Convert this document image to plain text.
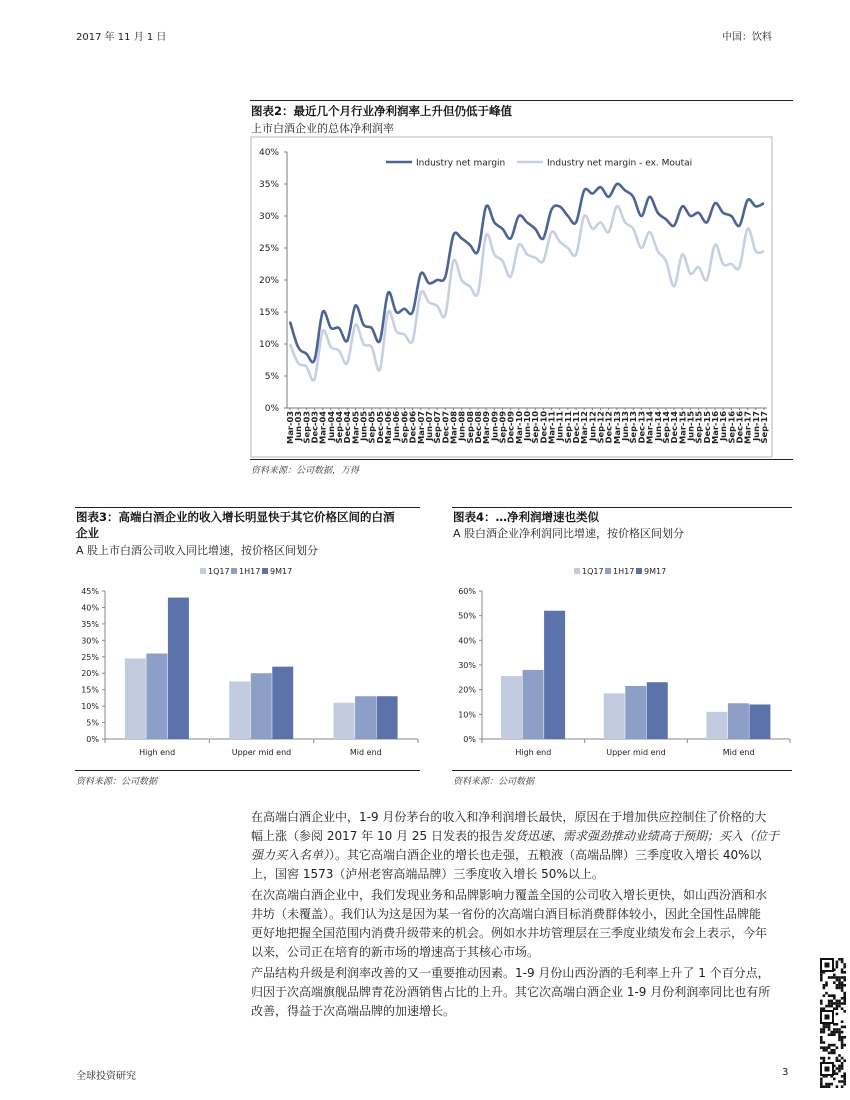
2017 年 11 月 1 日	中国：饮料
图表2：最近几个月行业净利润率上升但仍低于峰值
上市白酒企业的总体净利润率
0%
5%
10%
15%
20%
25%
30%
35%
40%
Mar-03
Jun-03
Sep-03
Dec-03
Mar-04
Jun-04
Sep-04
Dec-04
Mar-05
Jun-05
Sep-05
Dec-05
Mar-06
Jun-06
Sep-06
Dec-06
Mar-07
Jun-07
Sep-07
Dec-07
Mar-08
Jun-08
Sep-08
Dec-08
Mar-09
Jun-09
Sep-09
Dec-09
Mar-10
Jun-10
Sep-10
Dec-10
Mar-11
Jun-11
Sep-11
Dec-11
Mar-12
Jun-12
Sep-12
Dec-12
Mar-13
Jun-13
Sep-13
Dec-13
Mar-14
Jun-14
Sep-14
Dec-14
Mar-15
Jun-15
Sep-15
Dec-15
Mar-16
Jun-16
Sep-16
Dec-16
Mar-17
Jun-17
Sep-17
Industry net margin	Industry net margin - ex. Moutai
资料来源：公司数据，万得
图表3：高端白酒企业的收入增长明显快于其它价格区间的白酒
企业
A 股上市白酒公司收入同比增速，按价格区间划分
1Q17 1H17 9M17
0%
5%
10%
15%
20%
25%
30%
35%
40%
45%
High end	Upper mid end	Mid end
资料来源：公司数据
图表4：…净利润增速也类似
A 股白酒企业净利润同比增速，按价格区间划分
1Q17 1H17 9M17
0%
10%
20%
30%
40%
50%
60%
High end	Upper mid end	Mid end
资料来源：公司数据
在高端白酒企业中，1-9 月份茅台的收入和净利润增长最快，原因在于增加供应控制住了价格的大
幅上涨（参阅 2017 年 10 月 25 日发表的报告发货迅速、需求强劲推动业绩高于预期；买入（位于
强力买入名单））。其它高端白酒企业的增长也走强，五粮液（高端品牌）三季度收入增长 40%以
上，国窖 1573（泸州老窖高端品牌）三季度收入增长 50%以上。
在次高端白酒企业中，我们发现业务和品牌影响力覆盖全国的公司收入增长更快，如山西汾酒和水
井坊（未覆盖）。我们认为这是因为某一省份的次高端白酒目标消费群体较小，因此全国性品牌能
更好地把握全国范围内消费升级带来的机会。例如水井坊管理层在三季度业绩发布会上表示，今年
以来，公司正在培育的新市场的增速高于其核心市场。
产品结构升级是利润率改善的又一重要推动因素。1-9 月份山西汾酒的毛利率上升了 1 个百分点，
归因于次高端旗舰品牌青花汾酒销售占比的上升。其它次高端白酒企业 1-9 月份利润率同比也有所
改善，得益于次高端品牌的加速增长。
全球投资研究	3
